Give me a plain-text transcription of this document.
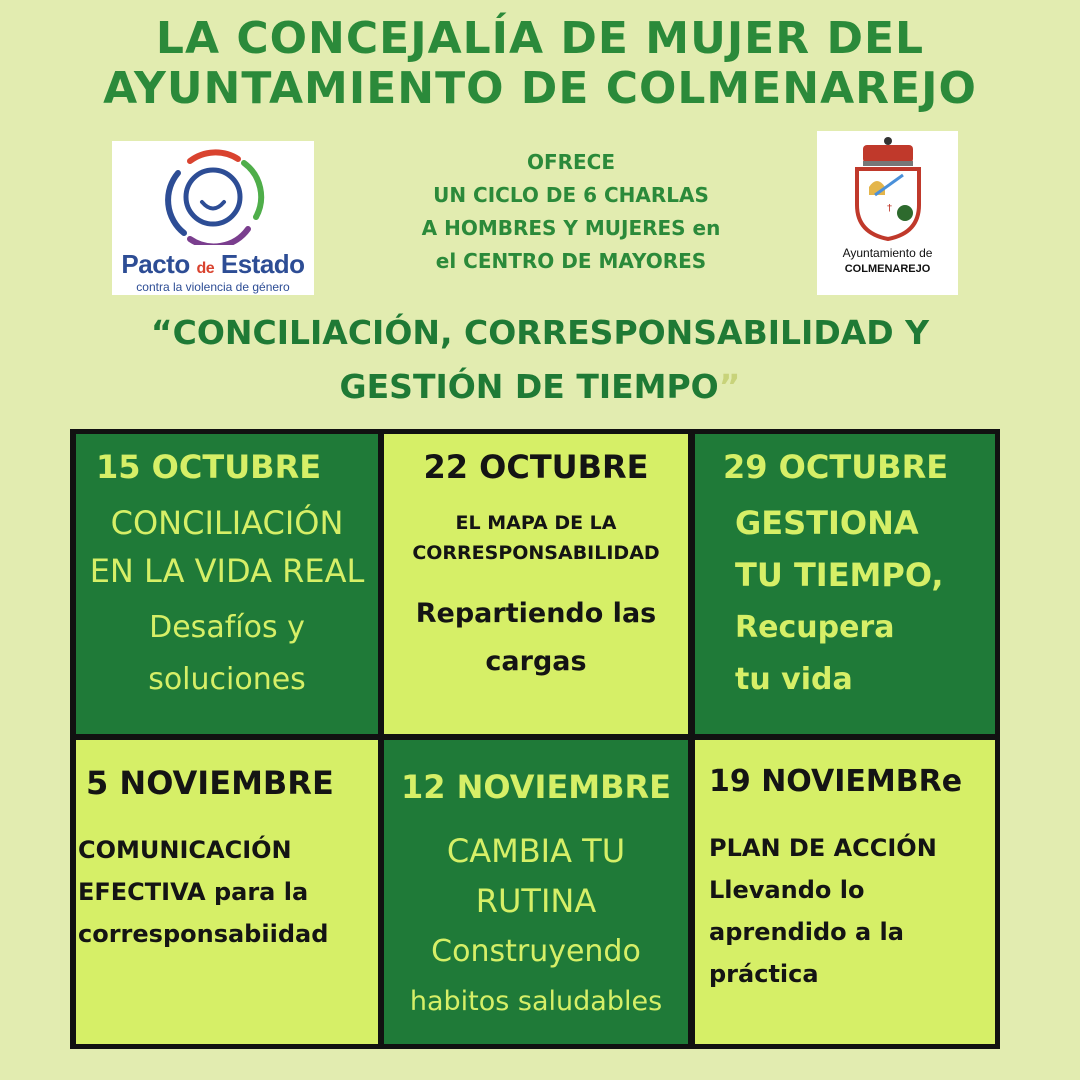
LA CONCEJALÍA DE MUJER DEL
AYUNTAMIENTO DE COLMENAREJO
Pacto de Estado
contra la violencia de género
OFRECE
UN CICLO DE 6 CHARLAS
A HOMBRES Y MUJERES en
el CENTRO DE MAYORES
†
Ayuntamiento de
COLMENAREJO
“CONCILIACIÓN, CORRESPONSABILIDAD Y
GESTIÓN DE TIEMPO”
15 OCTUBRE
CONCILIACIÓN
EN LA VIDA REAL
Desafíos y
soluciones
22 OCTUBRE
EL MAPA DE LA
CORRESPONSABILIDAD
Repartiendo las
cargas
29 OCTUBRE
GESTIONA
TU TIEMPO,
Recupera
tu vida
5 NOVIEMBRE
COMUNICACIÓN
EFECTIVA para la
corresponsabiidad
12 NOVIEMBRE
CAMBIA TU
RUTINA
Construyendo
habitos saludables
19 NOVIEMBRe
PLAN DE ACCIÓN
Llevando lo
aprendido a la
práctica
